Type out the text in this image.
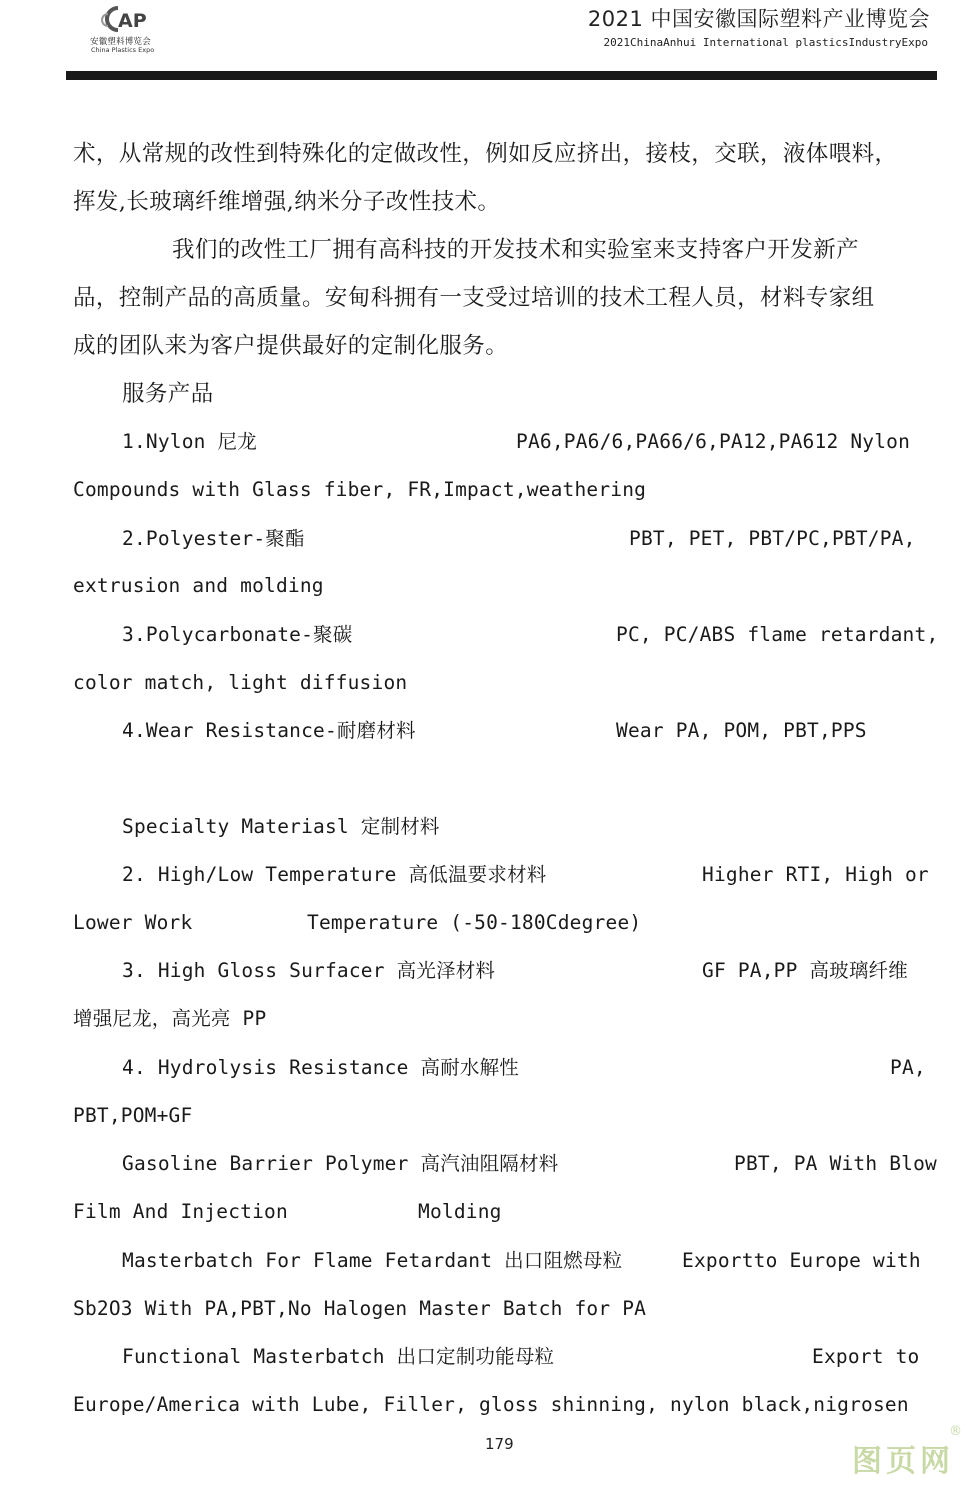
AP
安徽塑料博览会
China Plastics Expo
2021 中国安徽国际塑料产业博览会
2021ChinaAnhui International plasticsIndustryExpo
术，从常规的改性到特殊化的定做改性，例如反应挤出，接枝，交联，液体喂料，
挥发,长玻璃纤维增强,纳米分子改性技术。
我们的改性工厂拥有高科技的开发技术和实验室来支持客户开发新产
品，控制产品的高质量。安甸科拥有一支受过培训的技术工程人员，材料专家组
成的团队来为客户提供最好的定制化服务。
服务产品
1.Nylon 尼龙	PA6,PA6/6,PA66/6,PA12,PA612 Nylon
Compounds with Glass fiber, FR,Impact,weathering
2.Polyester-聚酯	PBT, PET, PBT/PC,PBT/PA,
extrusion and molding
3.Polycarbonate-聚碳	PC, PC/ABS flame retardant,
color match, light diffusion
4.Wear Resistance-耐磨材料	Wear PA, POM, PBT,PPS
Specialty Materiasl 定制材料
2. High/Low Temperature 高低温要求材料	Higher RTI, High or
Lower Work	Temperature (-50-180Cdegree)
3. High Gloss Surfacer 高光泽材料	GF PA,PP 高玻璃纤维
增强尼龙，高光亮 PP
4. Hydrolysis Resistance 高耐水解性	PA,
PBT,POM+GF
Gasoline Barrier Polymer 高汽油阻隔材料	PBT, PA With Blow
Film And Injection	Molding
Masterbatch For Flame Fetardant 出口阻燃母粒	Exportto Europe with
Sb2O3 With PA,PBT,No Halogen Master Batch for PA
Functional Masterbatch 出口定制功能母粒	Export to
Europe/America with Lube, Filler, gloss shinning, nylon black,nigrosen
179	图页网
®
